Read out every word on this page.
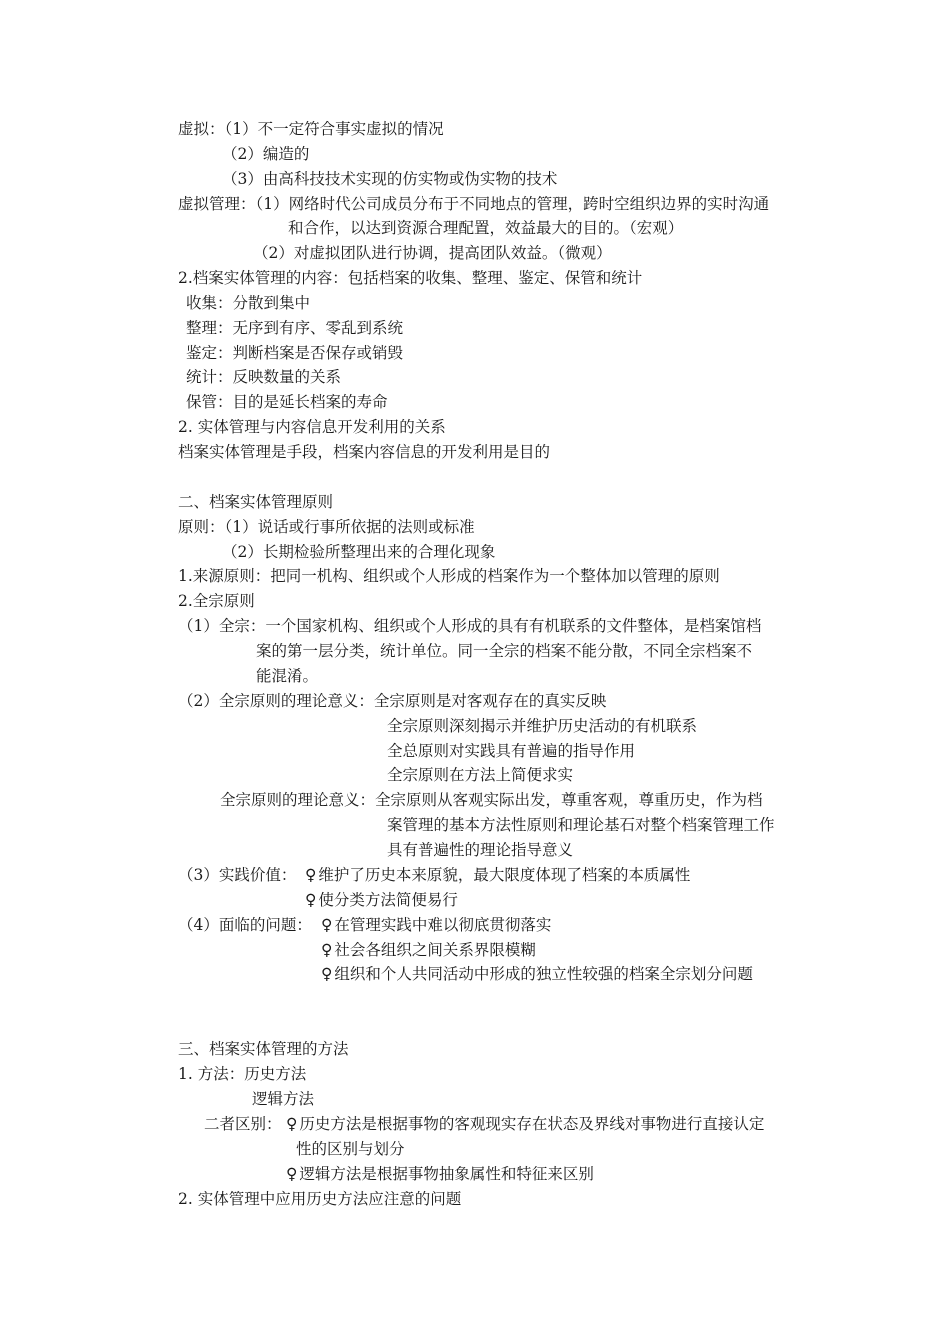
虚拟：（1）不一定符合事实虚拟的情况
（2）编造的
（3）由高科技技术实现的仿实物或伪实物的技术
虚拟管理：（1）网络时代公司成员分布于不同地点的管理，跨时空组织边界的实时沟通
和合作，以达到资源合理配置，效益最大的目的。（宏观）
（2）对虚拟团队进行协调，提高团队效益。（微观）
2.档案实体管理的内容：包括档案的收集、整理、鉴定、保管和统计
收集：分散到集中
整理：无序到有序、零乱到系统
鉴定：判断档案是否保存或销毁
统计：反映数量的关系
保管：目的是延长档案的寿命
2. 实体管理与内容信息开发利用的关系
档案实体管理是手段，档案内容信息的开发利用是目的
二、档案实体管理原则
原则：（1）说话或行事所依据的法则或标准
（2）长期检验所整理出来的合理化现象
1.来源原则：把同一机构、组织或个人形成的档案作为一个整体加以管理的原则
2.全宗原则
（1）全宗：一个国家机构、组织或个人形成的具有有机联系的文件整体，是档案馆档
案的第一层分类，统计单位。同一全宗的档案不能分散，不同全宗档案不
能混淆。
（2）全宗原则的理论意义：全宗原则是对客观存在的真实反映
全宗原则深刻揭示并维护历史活动的有机联系
全总原则对实践具有普遍的指导作用
全宗原则在方法上简便求实
全宗原则的理论意义：全宗原则从客观实际出发，尊重客观，尊重历史，作为档
案管理的基本方法性原则和理论基石对整个档案管理工作
具有普遍性的理论指导意义
（3）实践价值： ♀ 维护了历史本来原貌，最大限度体现了档案的本质属性
♀ 使分类方法简便易行
（4）面临的问题： ♀ 在管理实践中难以彻底贯彻落实
♀ 社会各组织之间关系界限模糊
♀ 组织和个人共同活动中形成的独立性较强的档案全宗划分问题
三、档案实体管理的方法
1. 方法：历史方法
逻辑方法
二者区别： ♀ 历史方法是根据事物的客观现实存在状态及界线对事物进行直接认定
性的区别与划分
♀ 逻辑方法是根据事物抽象属性和特征来区别
2. 实体管理中应用历史方法应注意的问题
